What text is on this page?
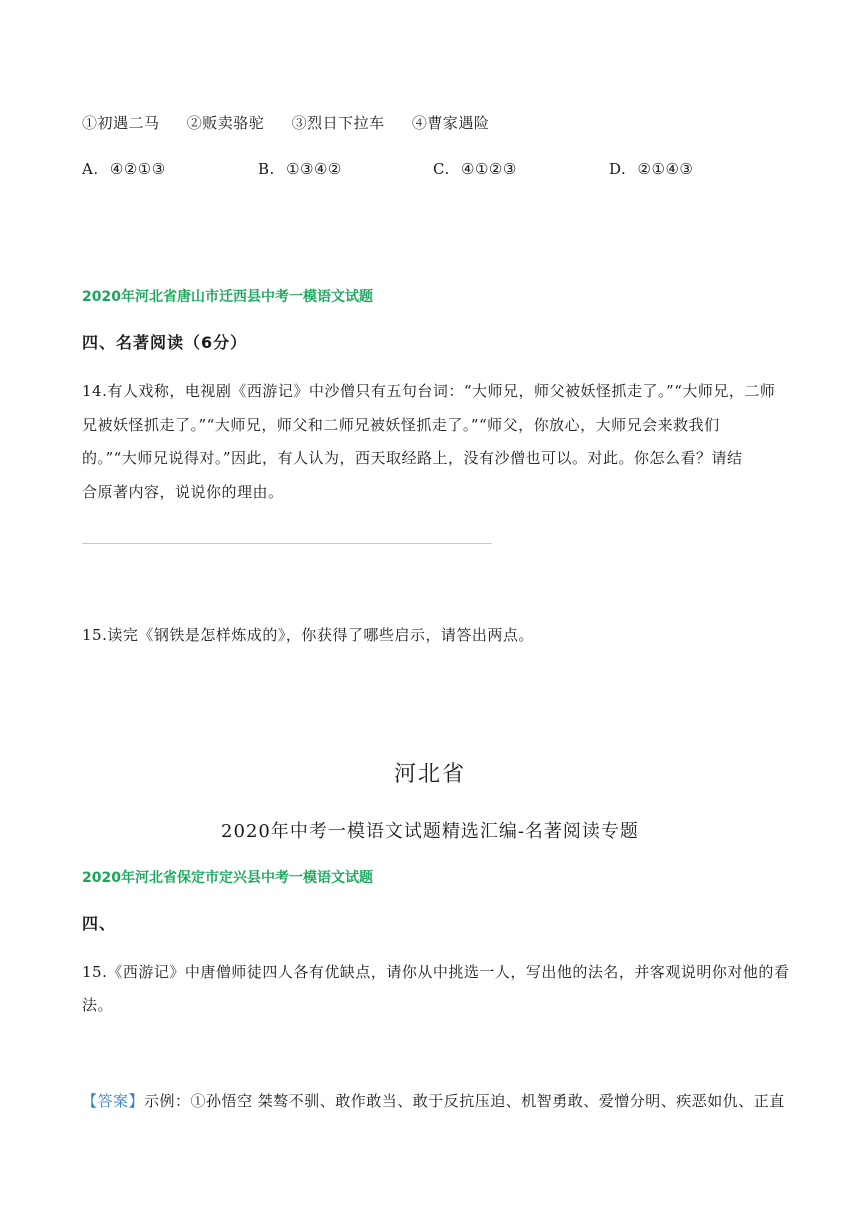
①初遇二马 ②贩卖骆驼 ③烈日下拉车 ④曹家遇险
A. ④②①③	B. ①③④②	C. ④①②③	D. ②①④③
2020年河北省唐山市迁西县中考一模语文试题
四、名著阅读（6分）
14.有人戏称，电视剧《西游记》中沙僧只有五句台词：“大师兄，师父被妖怪抓走了。”“大师兄，二师
兄被妖怪抓走了。”“大师兄，师父和二师兄被妖怪抓走了。”“师父，你放心，大师兄会来救我们
的。”“大师兄说得对。”因此，有人认为，西天取经路上，没有沙僧也可以。对此。你怎么看？请结
合原著内容，说说你的理由。
15.读完《钢铁是怎样炼成的》，你获得了哪些启示，请答出两点。
河北省
2020年中考一模语文试题精选汇编-名著阅读专题
2020年河北省保定市定兴县中考一模语文试题
四、
15.《西游记》中唐僧师徒四人各有优缺点，请你从中挑选一人，写出他的法名，并客观说明你对他的看
法。
【答案】示例：①孙悟空 桀骜不驯、敢作敢当、敢于反抗压迫、机智勇敢、爱憎分明、疾恶如仇、正直
